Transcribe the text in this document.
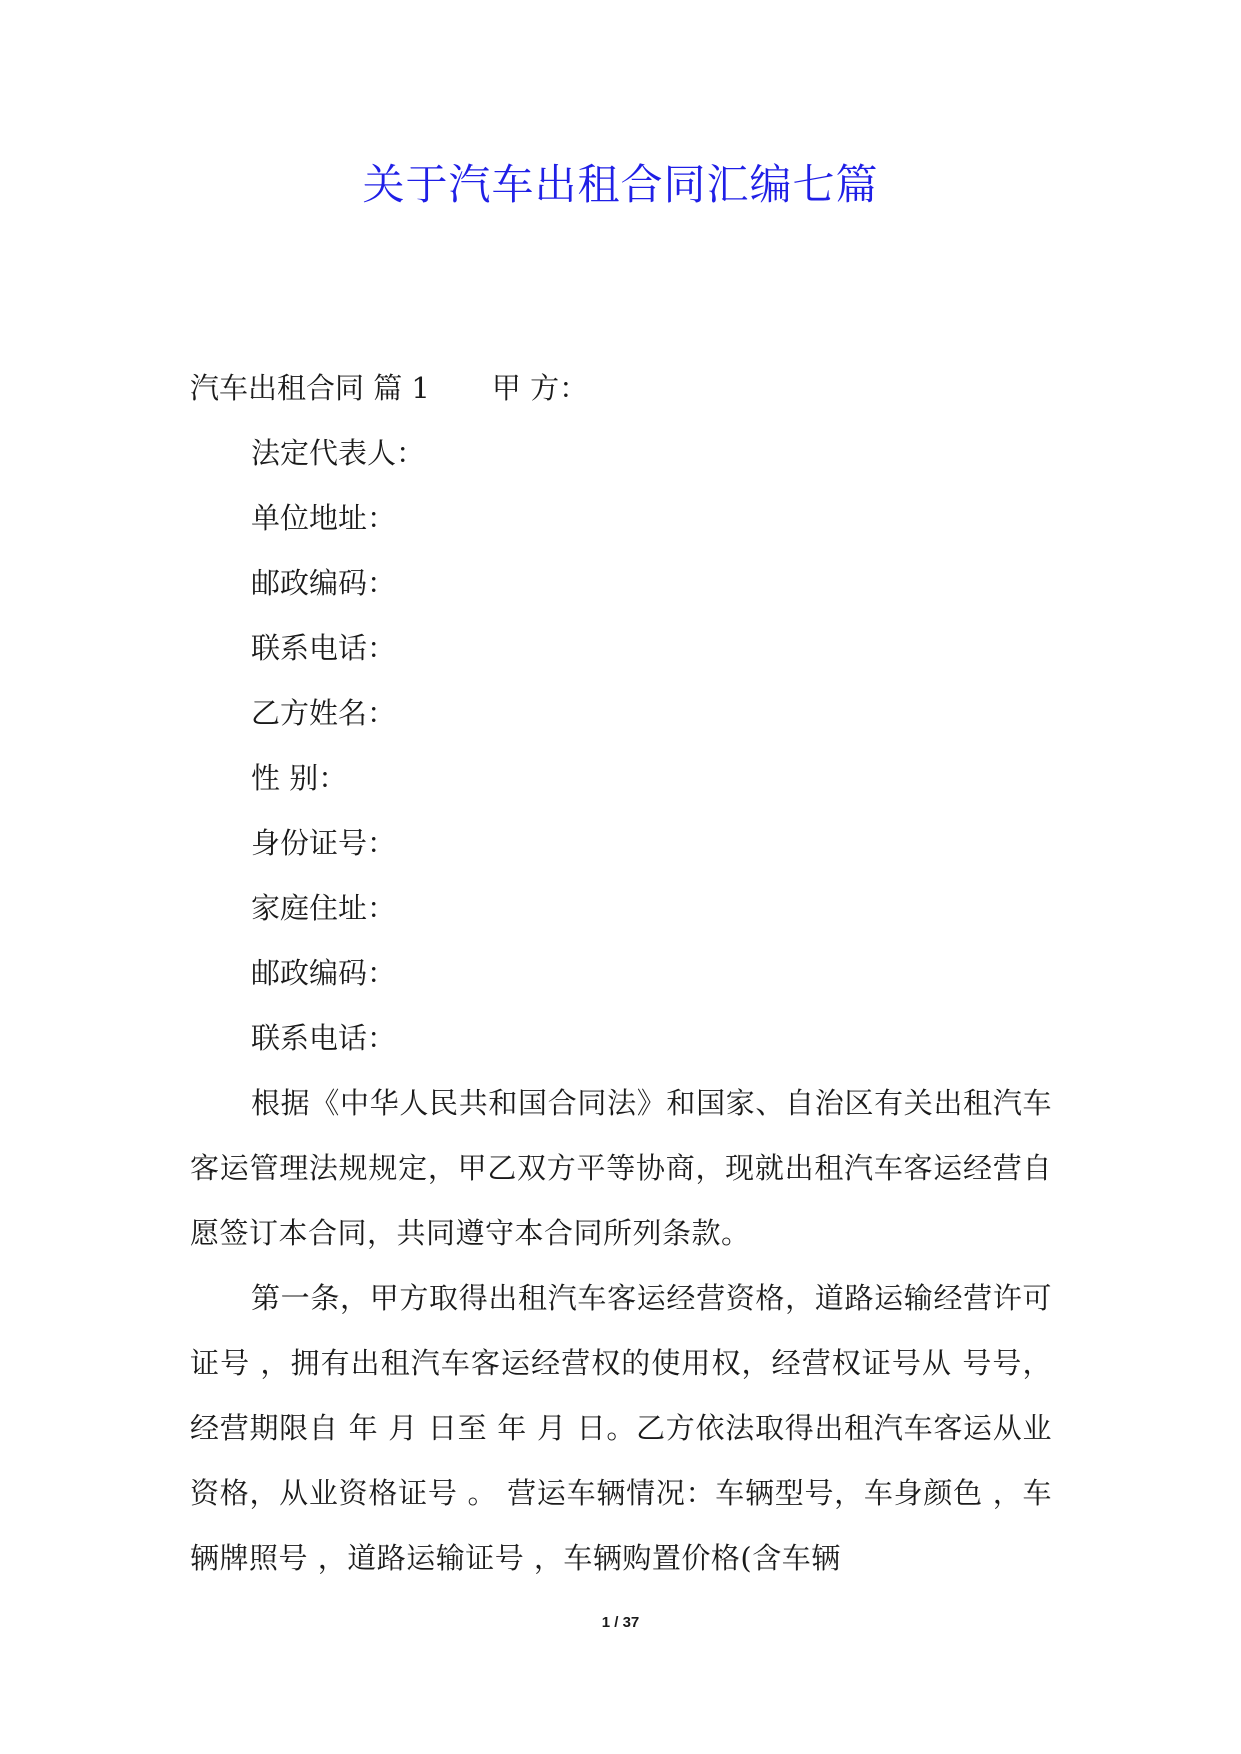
关于汽车出租合同汇编七篇
汽车出租合同 篇 1 甲 方：
法定代表人：
单位地址：
邮政编码：
联系电话：
乙方姓名：
性 别：
身份证号：
家庭住址：
邮政编码：
联系电话：
根据《中华人民共和国合同法》和国家、自治区有关出租汽车客运管理法规规定，甲乙双方平等协商，现就出租汽车客运经营自愿签订本合同，共同遵守本合同所列条款。
第一条，甲方取得出租汽车客运经营资格，道路运输经营许可证号 ，拥有出租汽车客运经营权的使用权，经营权证号从 号号，经营期限自 年 月 日至 年 月 日。乙方依法取得出租汽车客运从业资格，从业资格证号 。 营运车辆情况：车辆型号，车身颜色 ，车辆牌照号 ，道路运输证号 ，车辆购置价格(含车辆
1 / 37
